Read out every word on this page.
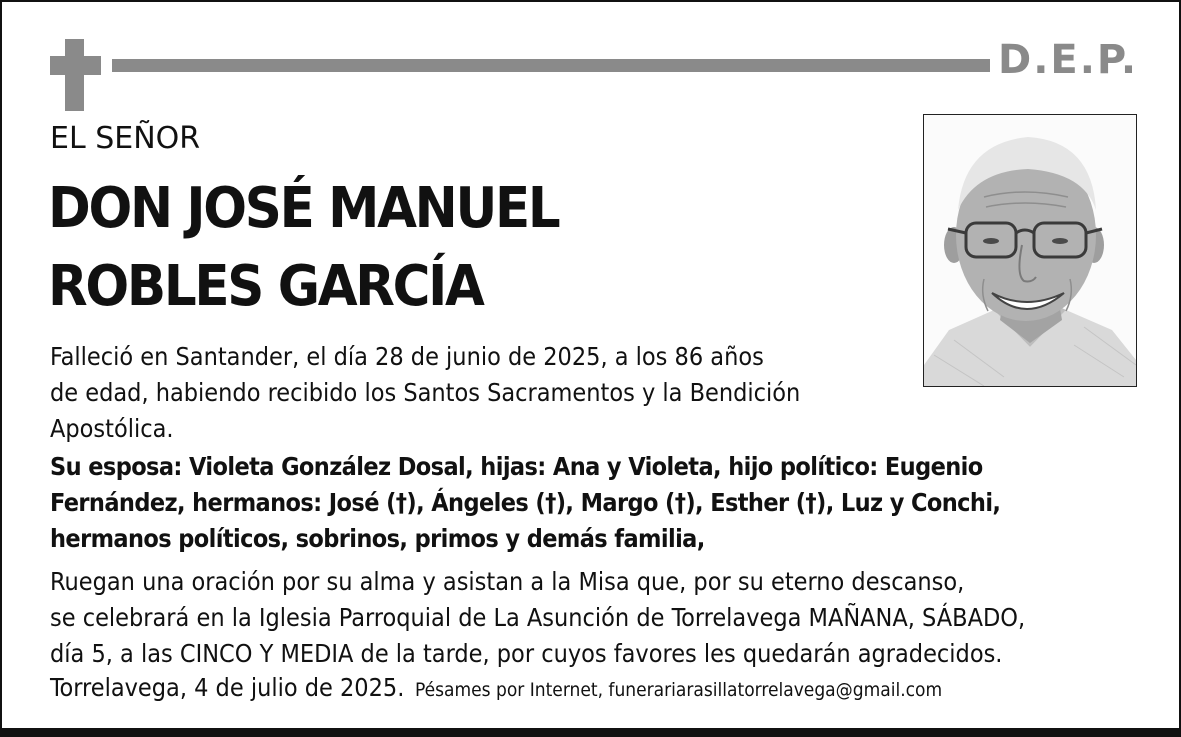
D.E.P.
EL SEÑOR
DON JOSÉ MANUEL
ROBLES GARCÍA

Falleció en Santander, el día 28 de junio de 2025, a los 86 años
de edad, habiendo recibido los Santos Sacramentos y la Bendición
Apostólica.

Su esposa: Violeta González Dosal, hijas: Ana y Violeta, hijo político: Eugenio
Fernández, hermanos: José (†), Ángeles (†), Margo (†), Esther (†), Luz y Conchi,
hermanos políticos, sobrinos, primos y demás familia,

Ruegan una oración por su alma y asistan a la Misa que, por su eterno descanso,
se celebrará en la Iglesia Parroquial de La Asunción de Torrelavega MAÑANA, SÁBADO,
día 5, a las CINCO Y MEDIA de la tarde, por cuyos favores les quedarán agradecidos.

Torrelavega, 4 de julio de 2025. Pésames por Internet, funerariarasillatorrelavega@gmail.com
